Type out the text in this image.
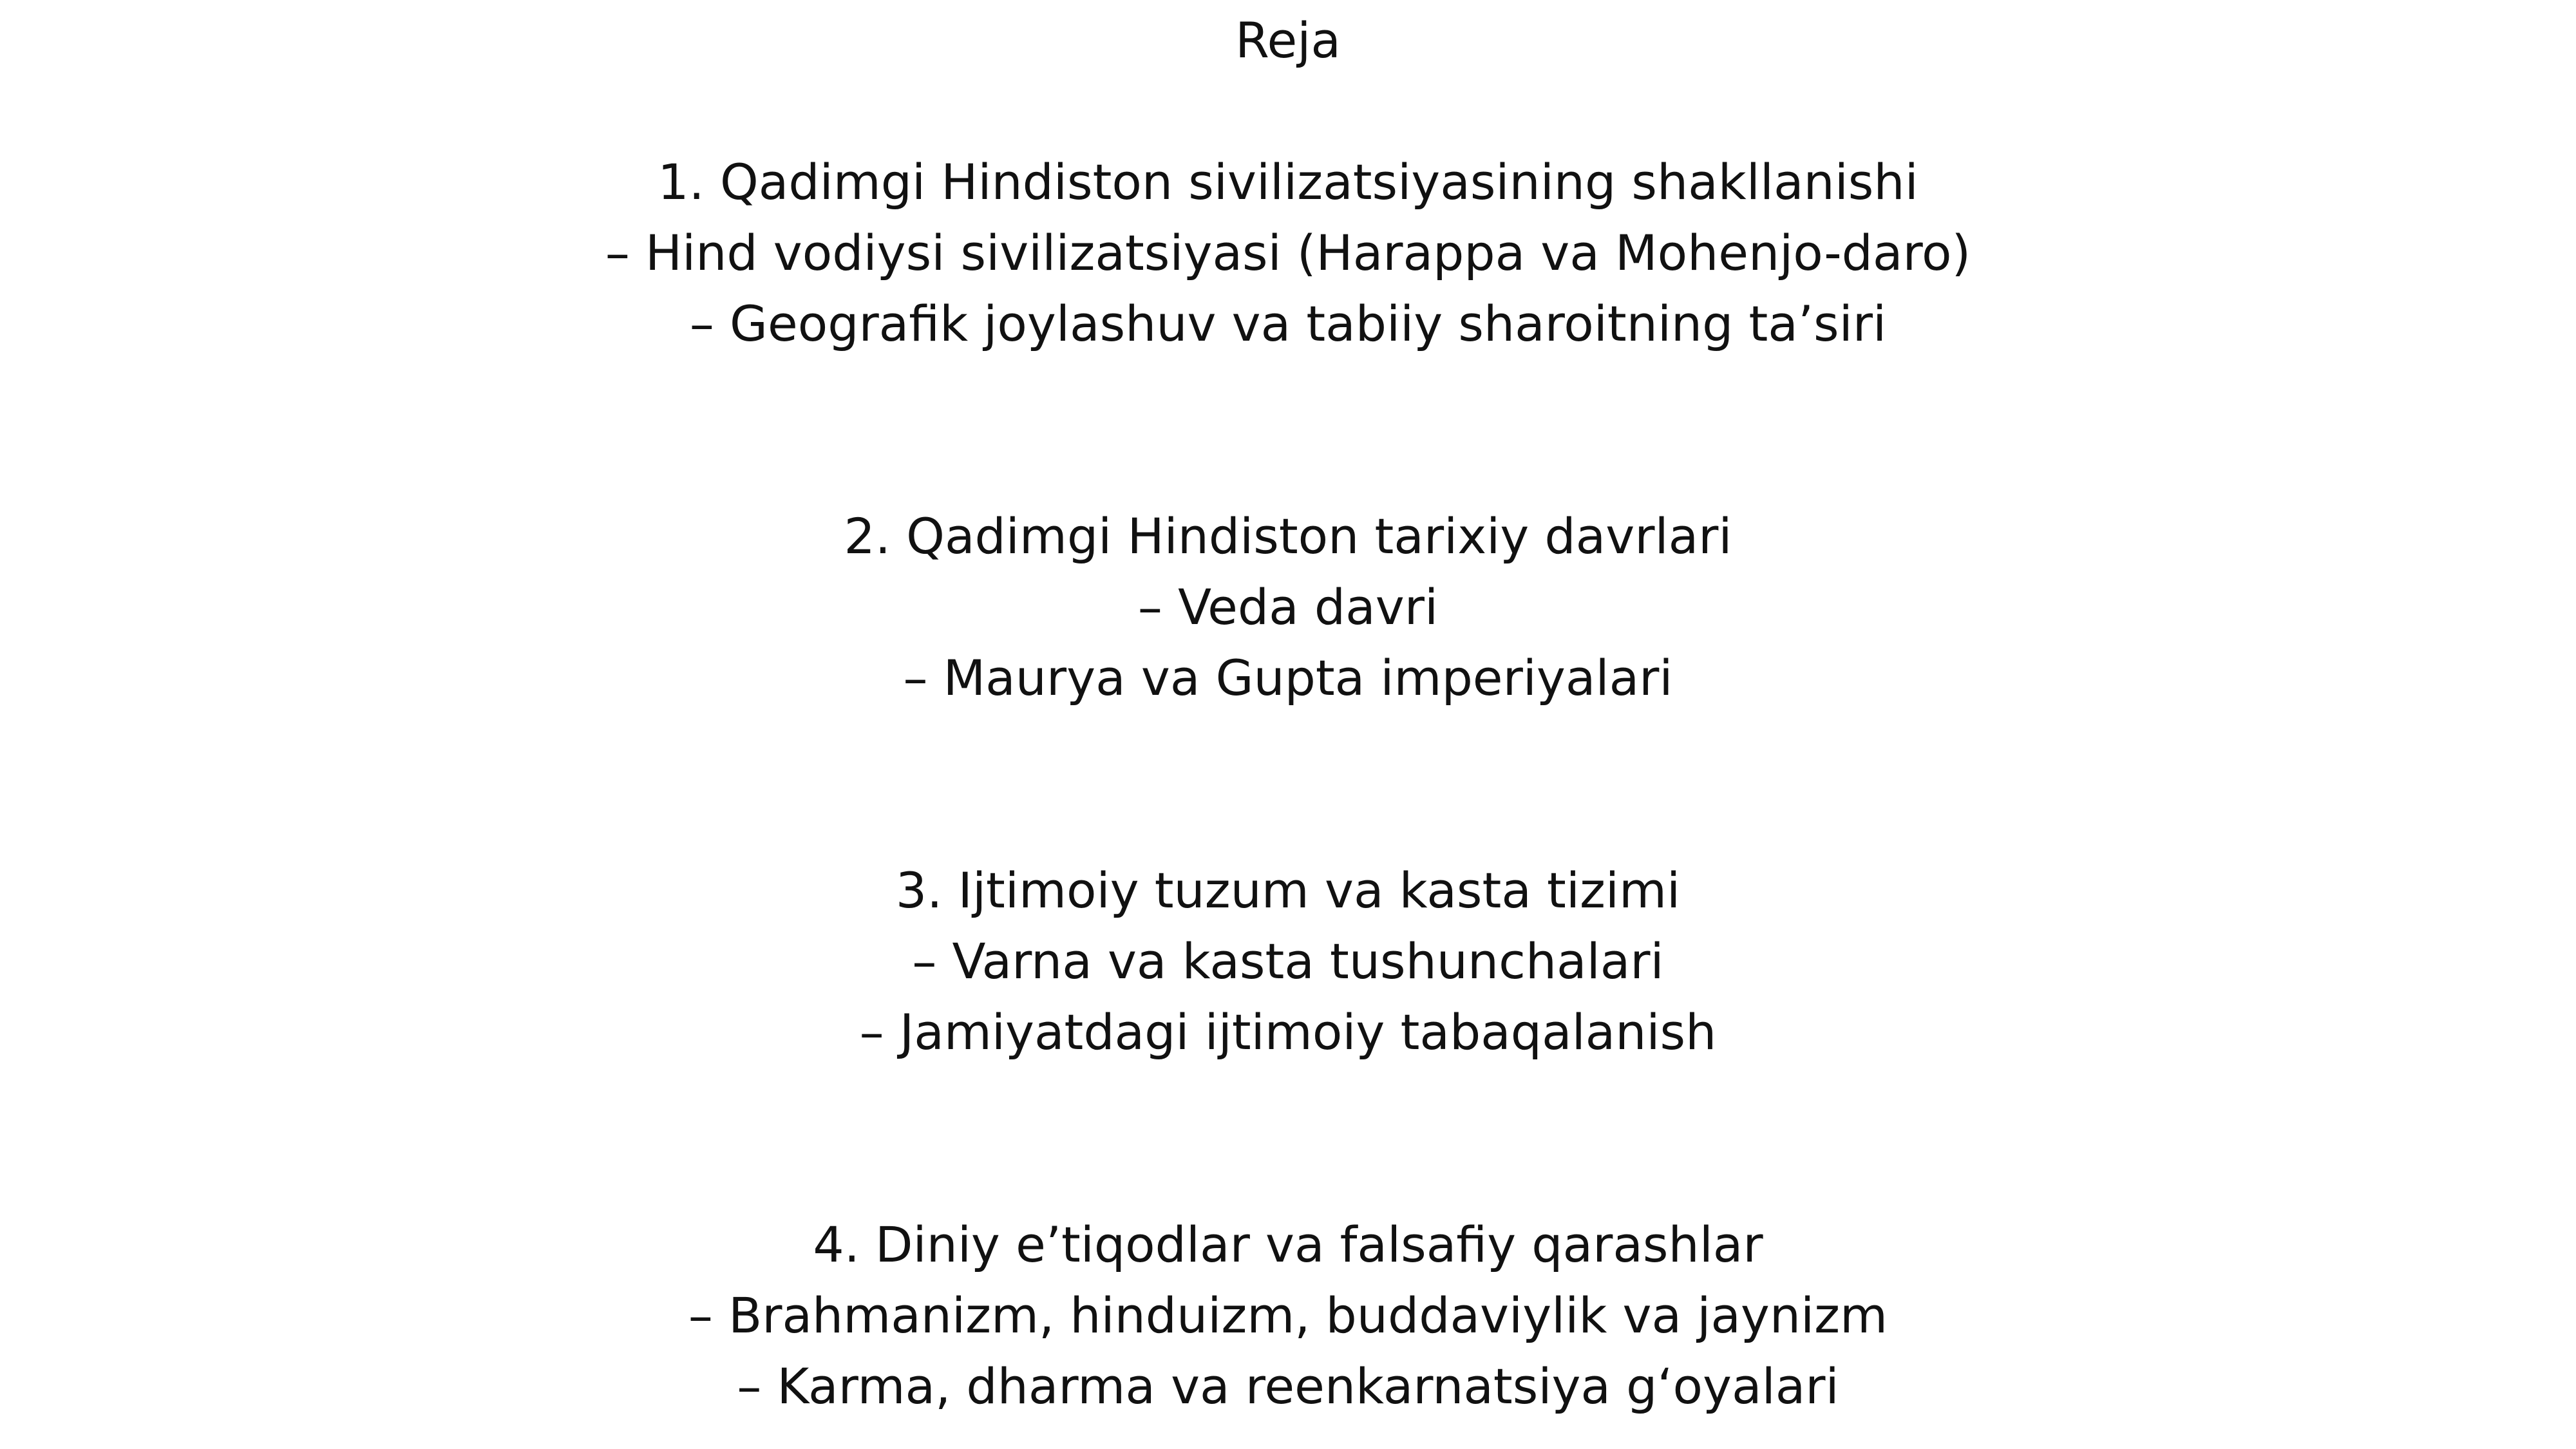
Reja
1. Qadimgi Hindiston sivilizatsiyasining shakllanishi
– Hind vodiysi sivilizatsiyasi (Harappa va Mohenjo-daro)
– Geografik joylashuv va tabiiy sharoitning ta’siri
2. Qadimgi Hindiston tarixiy davrlari
– Veda davri
– Maurya va Gupta imperiyalari
3. Ijtimoiy tuzum va kasta tizimi
– Varna va kasta tushunchalari
– Jamiyatdagi ijtimoiy tabaqalanish
4. Diniy e’tiqodlar va falsafiy qarashlar
– Brahmanizm, hinduizm, buddaviylik va jaynizm
– Karma, dharma va reenkarnatsiya g‘oyalari
